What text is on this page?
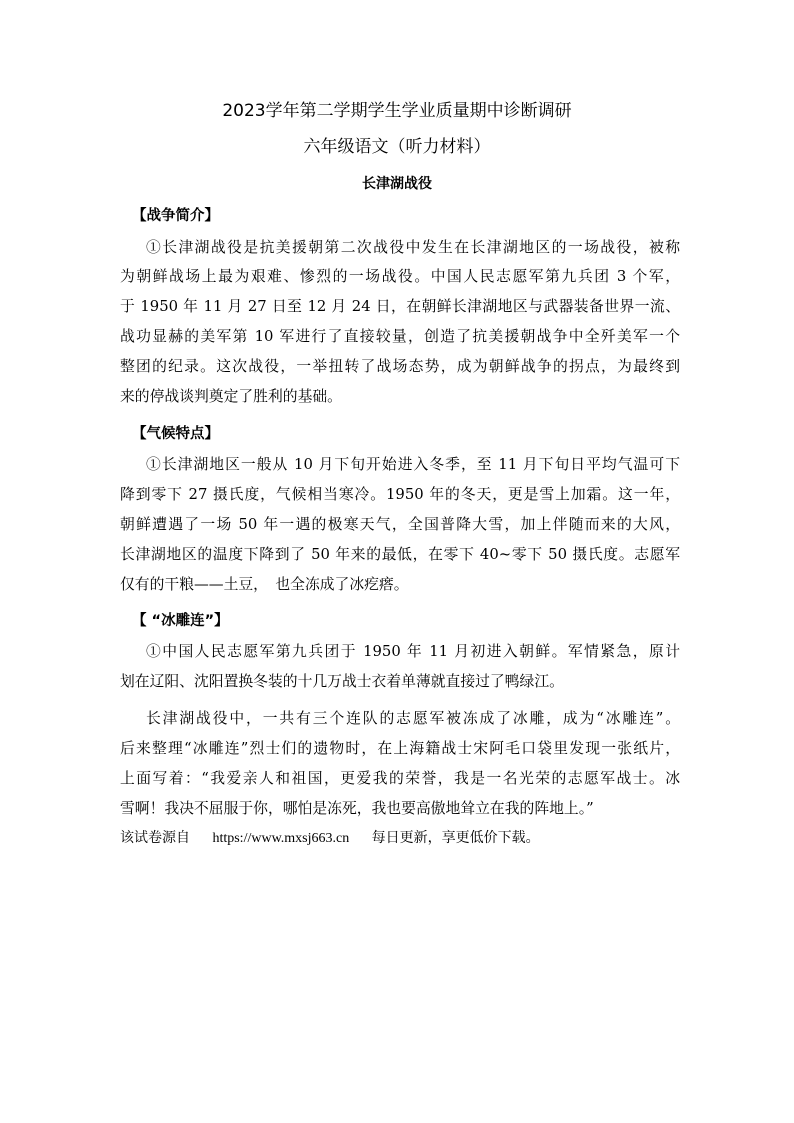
2023学年第二学期学生学业质量期中诊断调研
六年级语文（听力材料）
长津湖战役
【战争简介】
①长津湖战役是抗美援朝第二次战役中发生在长津湖地区的一场战役，被称
为朝鲜战场上最为艰难、惨烈的一场战役。中国人民志愿军第九兵团 3 个军，
于 1950 年 11 月 27 日至 12 月 24 日，在朝鲜长津湖地区与武器装备世界一流、
战功显赫的美军第 10 军进行了直接较量，创造了抗美援朝战争中全歼美军一个
整团的纪录。这次战役，一举扭转了战场态势，成为朝鲜战争的拐点，为最终到
来的停战谈判奠定了胜利的基础。
【气候特点】
①长津湖地区一般从 10 月下旬开始进入冬季，至 11 月下旬日平均气温可下
降到零下 27 摄氏度，气候相当寒冷。1950 年的冬天，更是雪上加霜。这一年，
朝鲜遭遇了一场 50 年一遇的极寒天气，全国普降大雪，加上伴随而来的大风，
长津湖地区的温度下降到了 50 年来的最低，在零下 40~零下 50 摄氏度。志愿军
仅有的干粮——土豆，　也全冻成了冰疙瘩。
【 “冰雕连”】
①中国人民志愿军第九兵团于 1950 年 11 月初进入朝鲜。军情紧急，原计
划在辽阳、沈阳置换冬装的十几万战士衣着单薄就直接过了鸭绿江。
长津湖战役中，一共有三个连队的志愿军被冻成了冰雕，成为“冰雕连”。
后来整理“冰雕连”烈士们的遗物时，在上海籍战士宋阿毛口袋里发现一张纸片，
上面写着：“我爱亲人和祖国，更爱我的荣誉，我是一名光荣的志愿军战士。冰
雪啊！我决不屈服于你，哪怕是冻死，我也要高傲地耸立在我的阵地上。”
该试卷源自 https://www.mxsj663.cn 每日更新，享更低价下载。
